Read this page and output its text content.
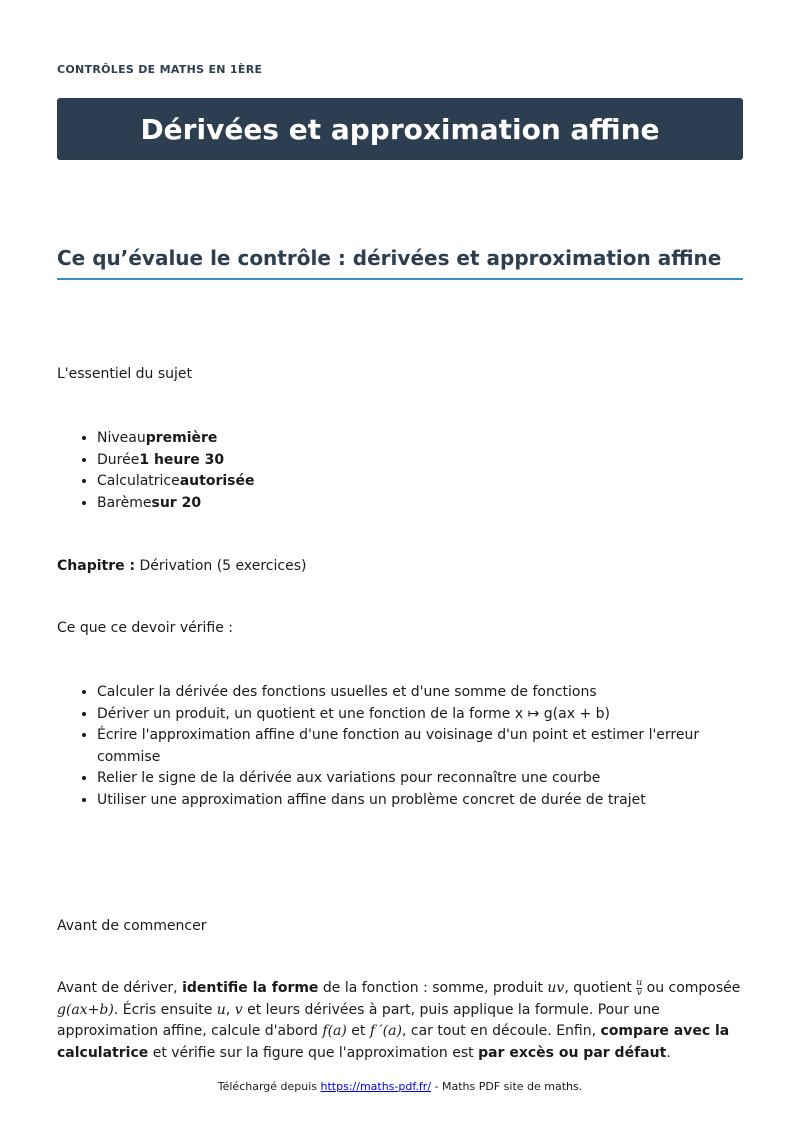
CONTRÔLES DE MATHS EN 1ÈRE
Dérivées et approximation affine
Ce qu’évalue le contrôle : dérivées et approximation affine

L'essentiel du sujet

• Niveaupremière
• Durée1 heure 30
• Calculatriceautorisée
• Barèmesur 20

Chapitre : Dérivation (5 exercices)

Ce que ce devoir vérifie :

• Calculer la dérivée des fonctions usuelles et d'une somme de fonctions
• Dériver un produit, un quotient et une fonction de la forme x ↦ g(ax + b)
• Écrire l'approximation affine d'une fonction au voisinage d'un point et estimer l'erreur commise
• Relier le signe de la dérivée aux variations pour reconnaître une courbe
• Utiliser une approximation affine dans un problème concret de durée de trajet

Avant de commencer

Avant de dériver, identifie la forme de la fonction : somme, produit uv, quotient $\frac{u}{v}$ ou composée g(ax+b). Écris ensuite u, v et leurs dérivées à part, puis applique la formule. Pour une approximation affine, calcule d'abord f(a) et f ′(a), car tout en découle. Enfin, compare avec la calculatrice et vérifie sur la figure que l'approximation est par excès ou par défaut.

Téléchargé depuis https://maths-pdf.fr/ - Maths PDF site de maths.
